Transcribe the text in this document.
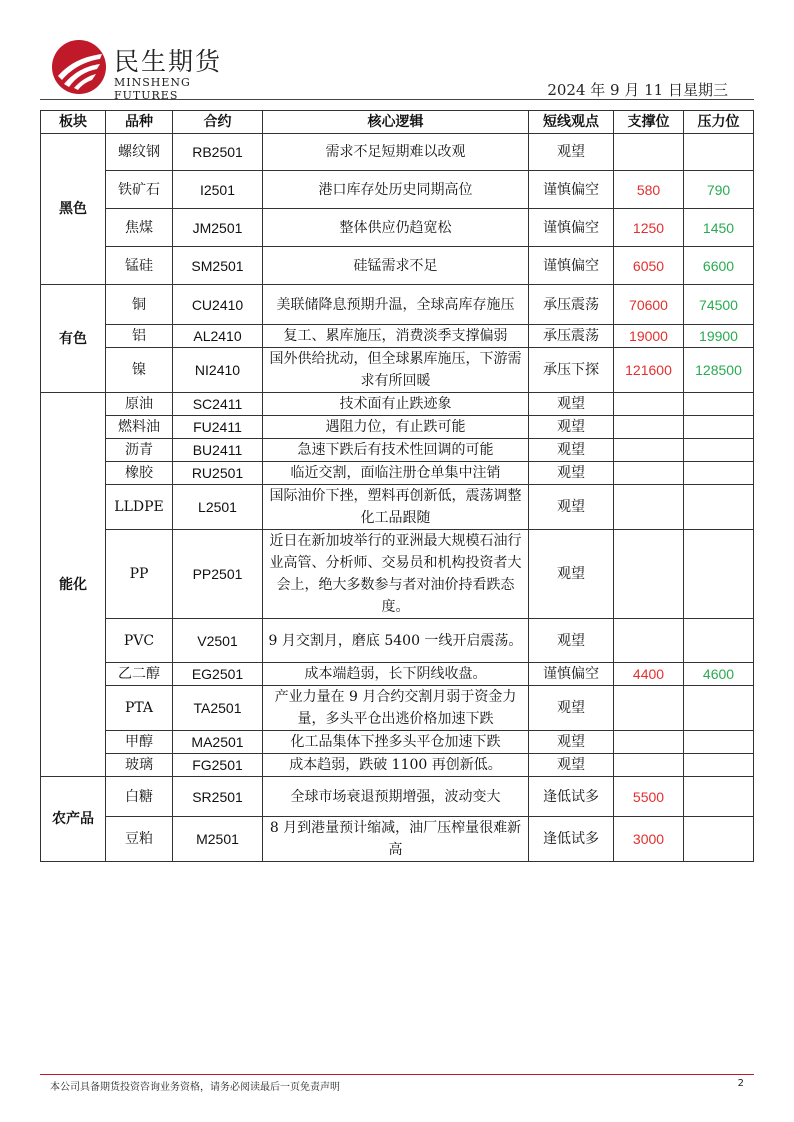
民生期货
MINSHENG FUTURES	2024 年 9 月 11 日星期三
板块	品种	合约	核心逻辑	短线观点	支撑位	压力位
黑色	螺纹钢	RB2501	需求不足短期难以改观	观望		
	铁矿石	I2501	港口库存处历史同期高位	谨慎偏空	580	790
	焦煤	JM2501	整体供应仍趋宽松	谨慎偏空	1250	1450
	锰硅	SM2501	硅锰需求不足	谨慎偏空	6050	6600
有色	铜	CU2410	美联储降息预期升温，全球高库存施压	承压震荡	70600	74500
	铝	AL2410	复工、累库施压，消费淡季支撑偏弱	承压震荡	19000	19900
	镍	NI2410	国外供给扰动，但全球累库施压，下游需求有所回暖	承压下探	121600	128500
能化	原油	SC2411	技术面有止跌迹象	观望		
	燃料油	FU2411	遇阻力位，有止跌可能	观望		
	沥青	BU2411	急速下跌后有技术性回调的可能	观望		
	橡胶	RU2501	临近交割，面临注册仓单集中注销	观望		
	LLDPE	L2501	国际油价下挫，塑料再创新低，震荡调整化工品跟随	观望		
	PP	PP2501	近日在新加坡举行的亚洲最大规模石油行业高管、分析师、交易员和机构投资者大会上，绝大多数参与者对油价持看跌态度。	观望		
	PVC	V2501	9 月交割月，磨底 5400 一线开启震荡。	观望		
	乙二醇	EG2501	成本端趋弱，长下阴线收盘。	谨慎偏空	4400	4600
	PTA	TA2501	产业力量在 9 月合约交割月弱于资金力量，多头平仓出逃价格加速下跌	观望		
	甲醇	MA2501	化工品集体下挫多头平仓加速下跌	观望		
	玻璃	FG2501	成本趋弱，跌破 1100 再创新低。	观望		
农产品	白糖	SR2501	全球市场衰退预期增强，波动变大	逢低试多	5500	
	豆粕	M2501	8 月到港量预计缩减，油厂压榨量很难新高	逢低试多	3000	
本公司具备期货投资咨询业务资格，请务必阅读最后一页免责声明	2
